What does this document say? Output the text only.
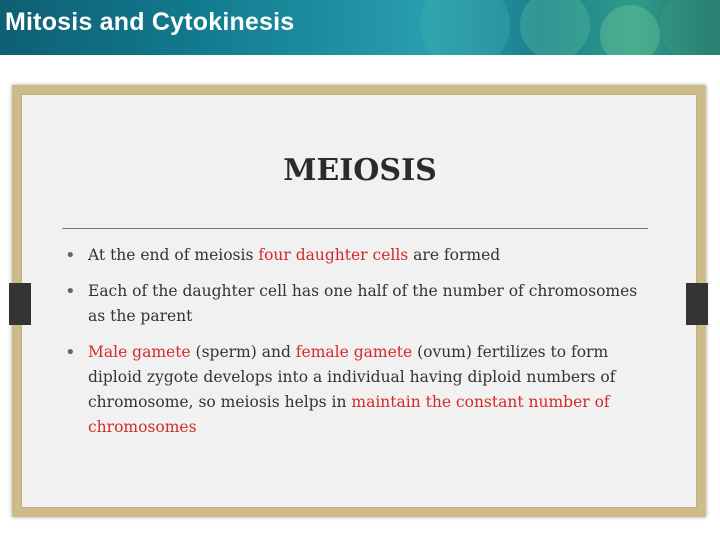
Mitosis and Cytokinesis
MEIOSIS
• At the end of meiosis four daughter cells are formed
• Each of the daughter cell has one half of the number of chromosomes as the parent
• Male gamete (sperm) and female gamete (ovum) fertilizes to form diploid zygote develops into a individual having diploid numbers of chromosome, so meiosis helps in maintain the constant number of chromosomes
